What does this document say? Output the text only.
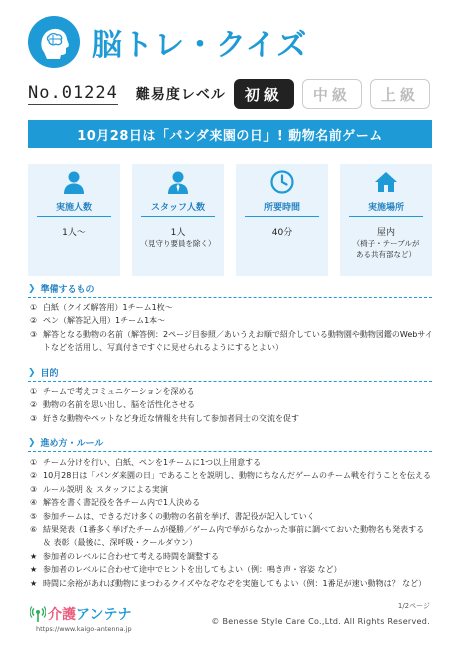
脳トレ・クイズ
No.01224 難易度レベル	初級	中級	上級
10月28日は「パンダ来園の日」! 動物名前ゲーム
実施人数
1人～
スタッフ人数
1人
（見守り要員を除く）
所要時間
40分
実施場所
屋内
（椅子・テーブルがある共有部など）
❯ 準備するもの
① 白紙（クイズ解答用）1チーム1枚～
② ペン（解答記入用）1チーム1本～
③ 解答となる動物の名前（解答例：2ページ目参照／あいうえお順で紹介している動物園や動物図鑑のWebサイトなどを活用し、写真付きですぐに見せられるようにするとよい）
❯ 目的
① チームで考えコミュニケーションを深める
② 動物の名前を思い出し、脳を活性化させる
③ 好きな動物やペットなど身近な情報を共有して参加者同士の交流を促す
❯ 進め方・ルール
① チーム分けを行い、白紙、ペンを1チームに1つ以上用意する
② 10月28日は「パンダ来園の日」であることを説明し、動物にちなんだゲームのチーム戦を行うことを伝える
③ ルール説明 ＆ スタッフによる実演
④ 解答を書く書記役を各チーム内で1人決める
⑤ 参加チームは、できるだけ多くの動物の名前を挙げ、書記役が記入していく
⑥ 結果発表（1番多く挙げたチームが優勝／ゲーム内で挙がらなかった事前に調べておいた動物名も発表する ＆ 表彰（最後に、深呼吸・クールダウン）
★ 参加者のレベルに合わせて考える時間を調整する
★ 参加者のレベルに合わせて途中でヒントを出してもよい（例：鳴き声・容姿 など）
★ 時間に余裕があれば動物にまつわるクイズやなぞなぞを実施してもよい（例：1番足が速い動物は？ など）
介護アンテナ
https://www.kaigo-antenna.jp
1/2ページ
© Benesse Style Care Co.,Ltd. All Rights Reserved.
